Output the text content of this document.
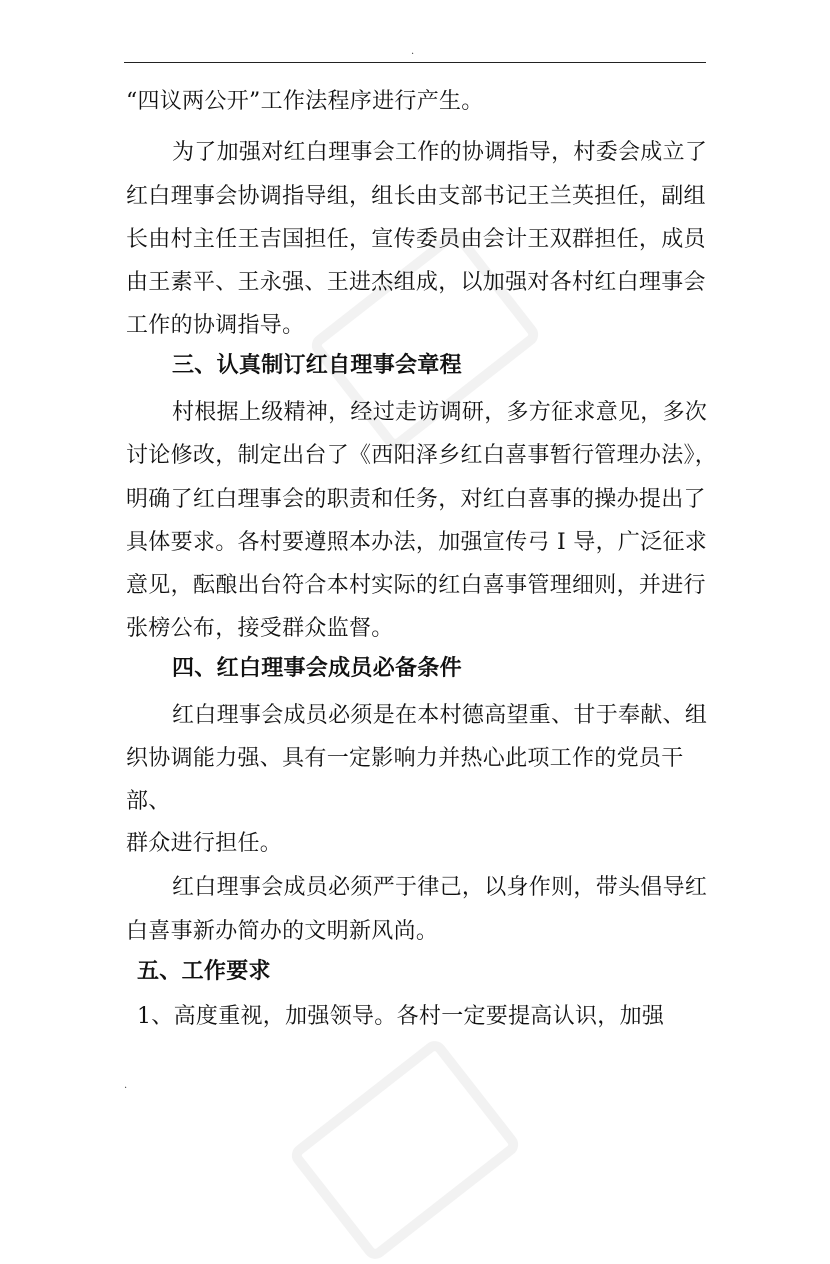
.
“四议两公开”工作法程序进行产生。
为了加强对红白理事会工作的协调指导，村委会成立了
红白理事会协调指导组，组长由支部书记王兰英担任，副组
长由村主任王吉国担任，宣传委员由会计王双群担任，成员
由王素平、王永强、王进杰组成，以加强对各村红白理事会
工作的协调指导。
三、认真制订红自理事会章程
村根据上级精神，经过走访调研，多方征求意见，多次
讨论修改，制定出台了《西阳泽乡红白喜事暂行管理办法》，
明确了红白理事会的职责和任务，对红白喜事的操办提出了
具体要求。各村要遵照本办法，加强宣传弓 I 导，广泛征求
意见，酝酿出台符合本村实际的红白喜事管理细则，并进行
张榜公布，接受群众监督。
四、红白理事会成员必备条件
红白理事会成员必须是在本村德高望重、甘于奉献、组
织协调能力强、具有一定影响力并热心此项工作的党员干
部、
群众进行担任。
红白理事会成员必须严于律己，以身作则，带头倡导红
白喜事新办简办的文明新风尚。
五、工作要求
1、高度重视，加强领导。各村一定要提高认识，加强
.
